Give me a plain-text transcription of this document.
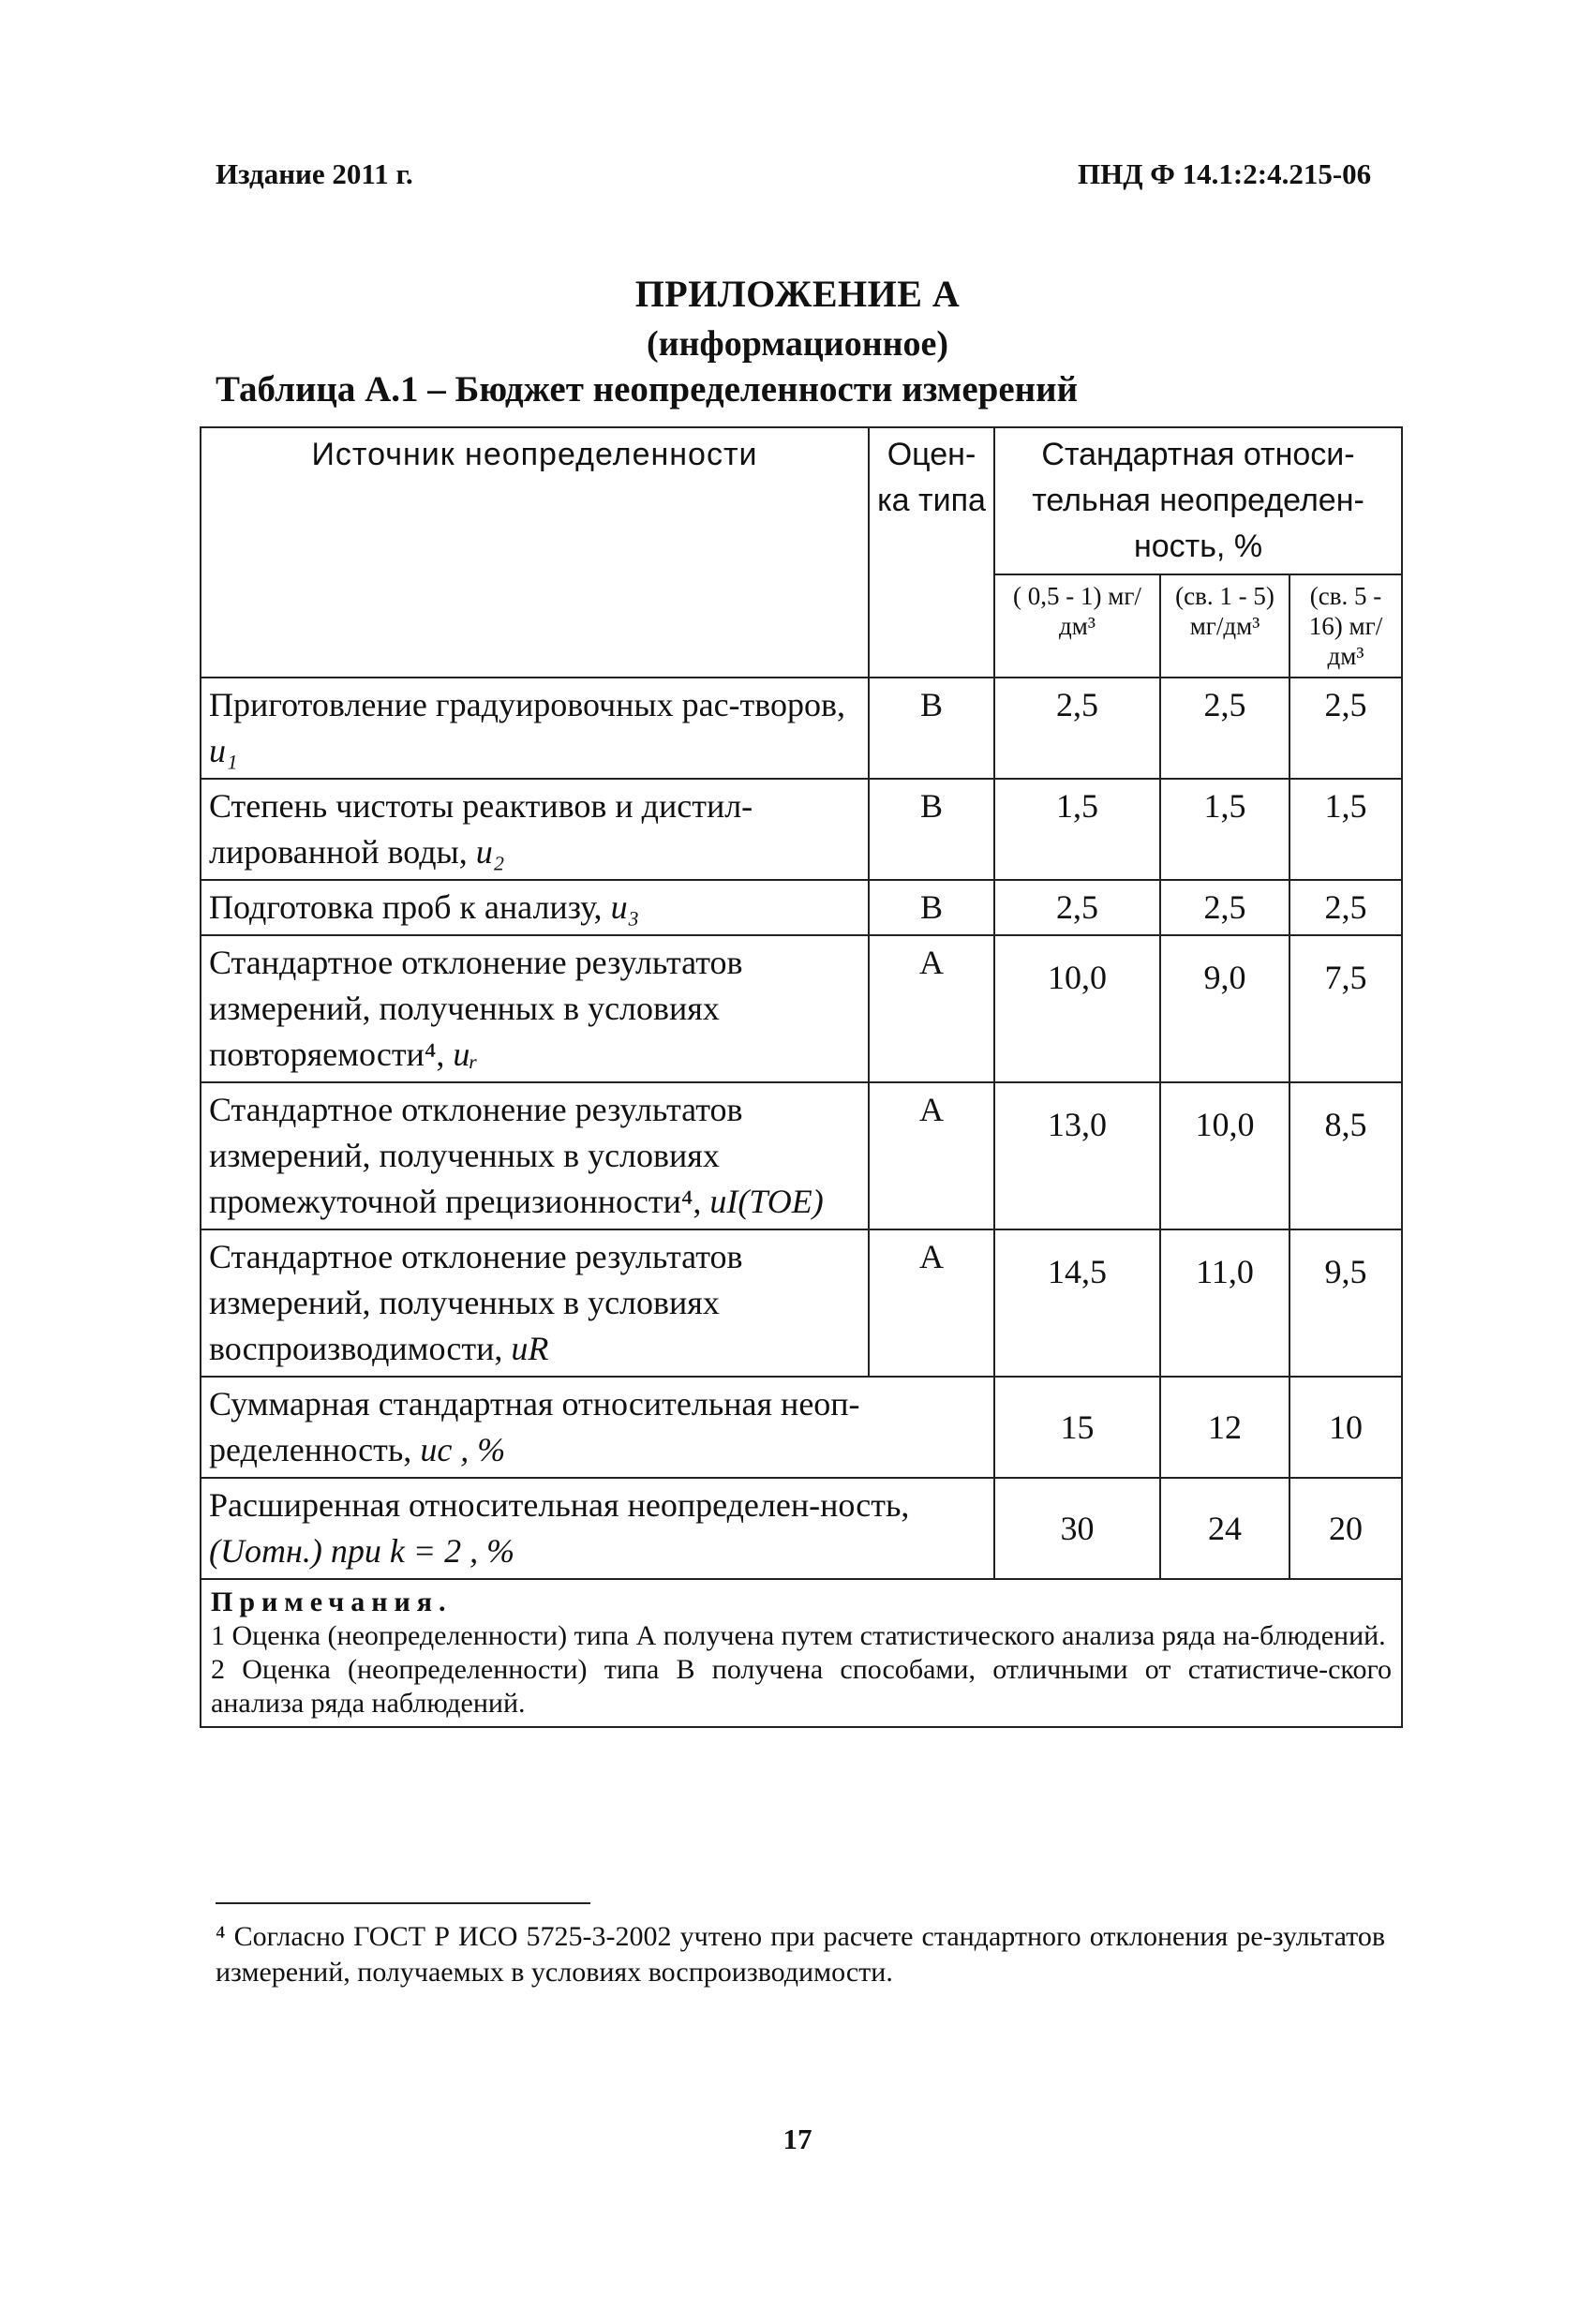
Издание 2011 г.	ПНД Ф 14.1:2:4.215-06
ПРИЛОЖЕНИЕ А
(информационное)
Таблица А.1 – Бюджет неопределенности измерений
Источник неопределенности	Оцен-ка типа	Стандартная относи-тельная неопределен-ность, %		
		( 0,5 - 1) мг/дм³	(св. 1 - 5) мг/дм³	(св. 5 - 16) мг/дм³
Приготовление градуировочных рас-творов, u₁	В	2,5	2,5	2,5
Степень чистоты реактивов и дистил-лированной воды, u₂	В	1,5	1,5	1,5
Подготовка проб к анализу, u₃	В	2,5	2,5	2,5
Стандартное отклонение результатов измерений, полученных в условиях повторяемости⁴, uᵣ	А	10,0	9,0	7,5
Стандартное отклонение результатов измерений, полученных в условиях промежуточной прецизионности⁴, uI(TOE)	А	13,0	10,0	8,5
Стандартное отклонение результатов измерений, полученных в условиях воспроизводимости, uR	А	14,5	11,0	9,5
Суммарная стандартная относительная неоп-ределенность, uc , %		15	12	10
Расширенная относительная неопределен-ность, (Uотн.) при k = 2 , %		30	24	20

Примечания.
1 Оценка (неопределенности) типа А получена путем статистического анализа ряда на-блюдений.
2 Оценка (неопределенности) типа В получена способами, отличными от статистиче-ского анализа ряда наблюдений.				
⁴ Согласно ГОСТ Р ИСО 5725-3-2002 учтено при расчете стандартного отклонения ре-зультатов измерений, получаемых в условиях воспроизводимости.
17
